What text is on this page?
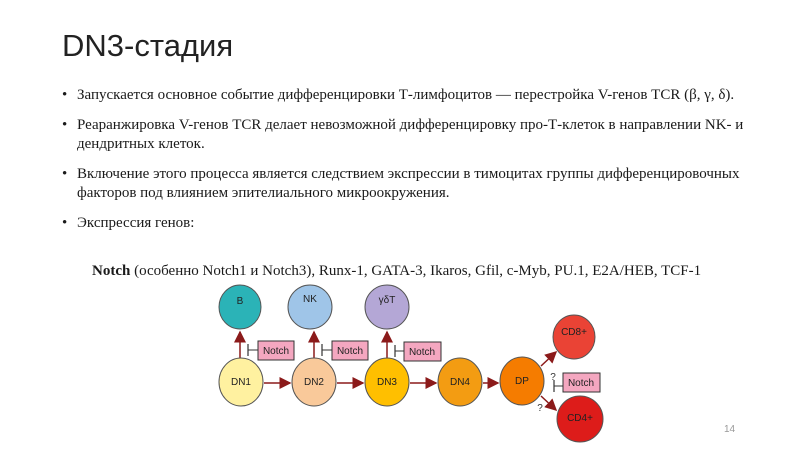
DN3-стадия
• Запускается основное событие дифференцировки Т-лимфоцитов — перестройка V-генов TCR (β, γ, δ).
• Реаранжировка V-генов TCR делает невозможной дифференцировку про-Т-клеток в направлении NK- и дендритных клеток.
• Включение этого процесса является следствием экспрессии в тимоцитах группы дифференцировочных факторов под влиянием эпителиального микроокружения.
• Экспрессия генов:
Notch (особенно Notch1 и Notch3), Runx-1, GATA-3, Ikaros, Gfil, c-Myb, PU.1, E2A/HEB, TCF-1
B	NK	γδT
Notch	Notch	Notch
DN1	DN2	DN3	DN4	DP ?
?
Notch
CD8+
CD4+
14
